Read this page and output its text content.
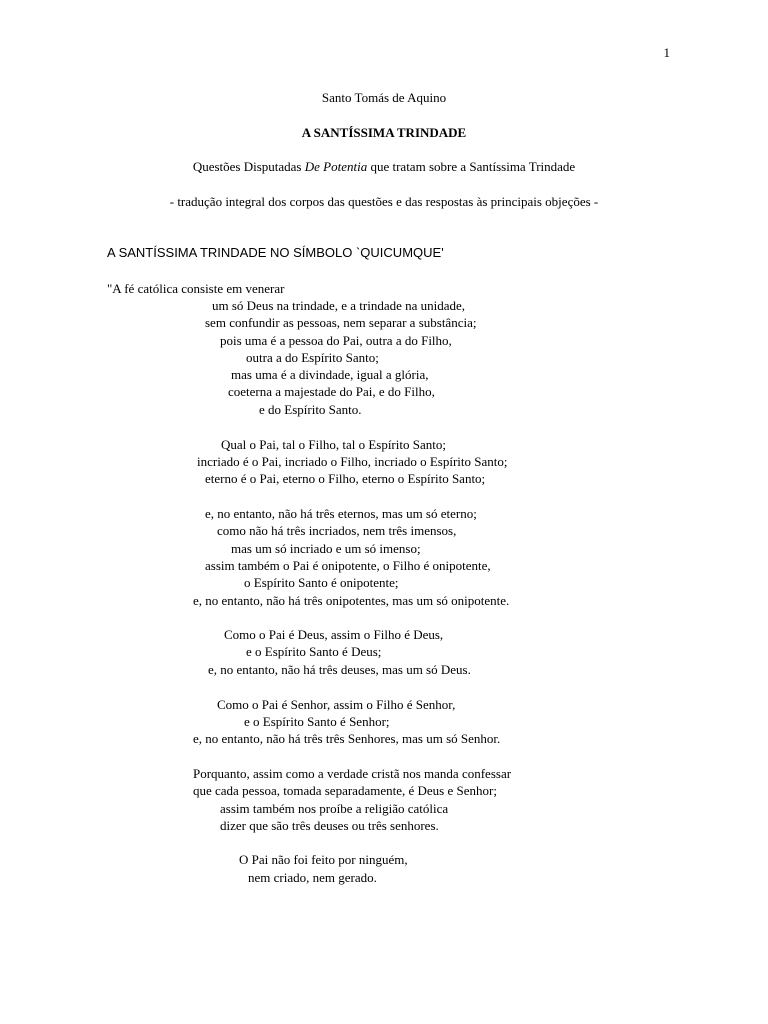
1
Santo Tomás de Aquino
A SANTÍSSIMA TRINDADE
Questões Disputadas De Potentia que tratam sobre a Santíssima Trindade
- tradução integral dos corpos das questões e das respostas às principais objeções -
A SANTÍSSIMA TRINDADE NO SÍMBOLO `QUICUMQUE'
"A fé católica consiste em venerar
um só Deus na trindade, e a trindade na unidade,
sem confundir as pessoas, nem separar a substância;
pois uma é a pessoa do Pai, outra a do Filho,
outra a do Espírito Santo;
mas uma é a divindade, igual a glória,
coeterna a majestade do Pai, e do Filho,
e do Espírito Santo.
Qual o Pai, tal o Filho, tal o Espírito Santo;
incriado é o Pai, incriado o Filho, incriado o Espírito Santo;
eterno é o Pai, eterno o Filho, eterno o Espírito Santo;
e, no entanto, não há três eternos, mas um só eterno;
como não há três incriados, nem três imensos,
mas um só incriado e um só imenso;
assim também o Pai é onipotente, o Filho é onipotente,
o Espírito Santo é onipotente;
e, no entanto, não há três onipotentes, mas um só onipotente.
Como o Pai é Deus, assim o Filho é Deus,
e o Espírito Santo é Deus;
e, no entanto, não há três deuses, mas um só Deus.
Como o Pai é Senhor, assim o Filho é Senhor,
e o Espírito Santo é Senhor;
e, no entanto, não há três três Senhores, mas um só Senhor.
Porquanto, assim como a verdade cristã nos manda confessar
que cada pessoa, tomada separadamente, é Deus e Senhor;
assim também nos proíbe a religião católica
dizer que são três deuses ou três senhores.
O Pai não foi feito por ninguém,
nem criado, nem gerado.
